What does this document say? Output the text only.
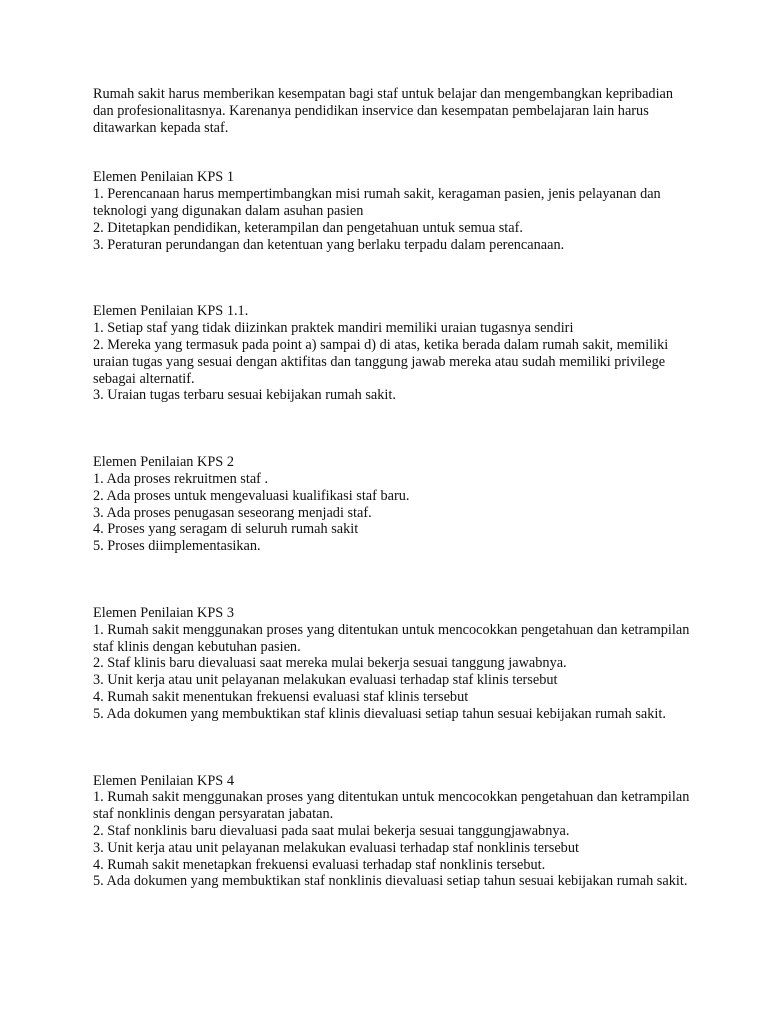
Rumah sakit harus memberikan kesempatan bagi staf untuk belajar dan mengembangkan kepribadian dan profesionalitasnya. Karenanya pendidikan inservice dan kesempatan pembelajaran lain harus ditawarkan kepada staf.

Elemen Penilaian KPS 1

1. Perencanaan harus mempertimbangkan misi rumah sakit, keragaman pasien, jenis pelayanan dan teknologi yang digunakan dalam asuhan pasien
2. Ditetapkan pendidikan, keterampilan dan pengetahuan untuk semua staf.
3. Peraturan perundangan dan ketentuan yang berlaku terpadu dalam perencanaan.

Elemen Penilaian KPS 1.1.

1. Setiap staf yang tidak diizinkan praktek mandiri memiliki uraian tugasnya sendiri
2. Mereka yang termasuk pada point a) sampai d) di atas, ketika berada dalam rumah sakit, memiliki uraian tugas yang sesuai dengan aktifitas dan tanggung jawab mereka atau sudah memiliki privilege sebagai alternatif.
3. Uraian tugas terbaru sesuai kebijakan rumah sakit.

Elemen Penilaian KPS 2

1. Ada proses rekruitmen staf .
2. Ada proses untuk mengevaluasi kualifikasi staf baru.
3. Ada proses penugasan seseorang menjadi staf.
4. Proses yang seragam di seluruh rumah sakit
5. Proses diimplementasikan.

Elemen Penilaian KPS 3

1. Rumah sakit menggunakan proses yang ditentukan untuk mencocokkan pengetahuan dan ketrampilan staf klinis dengan kebutuhan pasien.
2. Staf klinis baru dievaluasi saat mereka mulai bekerja sesuai tanggung jawabnya.
3. Unit kerja atau unit pelayanan melakukan evaluasi terhadap staf klinis tersebut
4. Rumah sakit menentukan frekuensi evaluasi staf klinis tersebut
5. Ada dokumen yang membuktikan staf klinis dievaluasi setiap tahun sesuai kebijakan rumah sakit.

Elemen Penilaian KPS 4

1. Rumah sakit menggunakan proses yang ditentukan untuk mencocokkan pengetahuan dan ketrampilan staf nonklinis dengan persyaratan jabatan.
2. Staf nonklinis baru dievaluasi pada saat mulai bekerja sesuai tanggungjawabnya.
3. Unit kerja atau unit pelayanan melakukan evaluasi terhadap staf nonklinis tersebut
4. Rumah sakit menetapkan frekuensi evaluasi terhadap staf nonklinis tersebut.
5. Ada dokumen yang membuktikan staf nonklinis dievaluasi setiap tahun sesuai kebijakan rumah sakit.
